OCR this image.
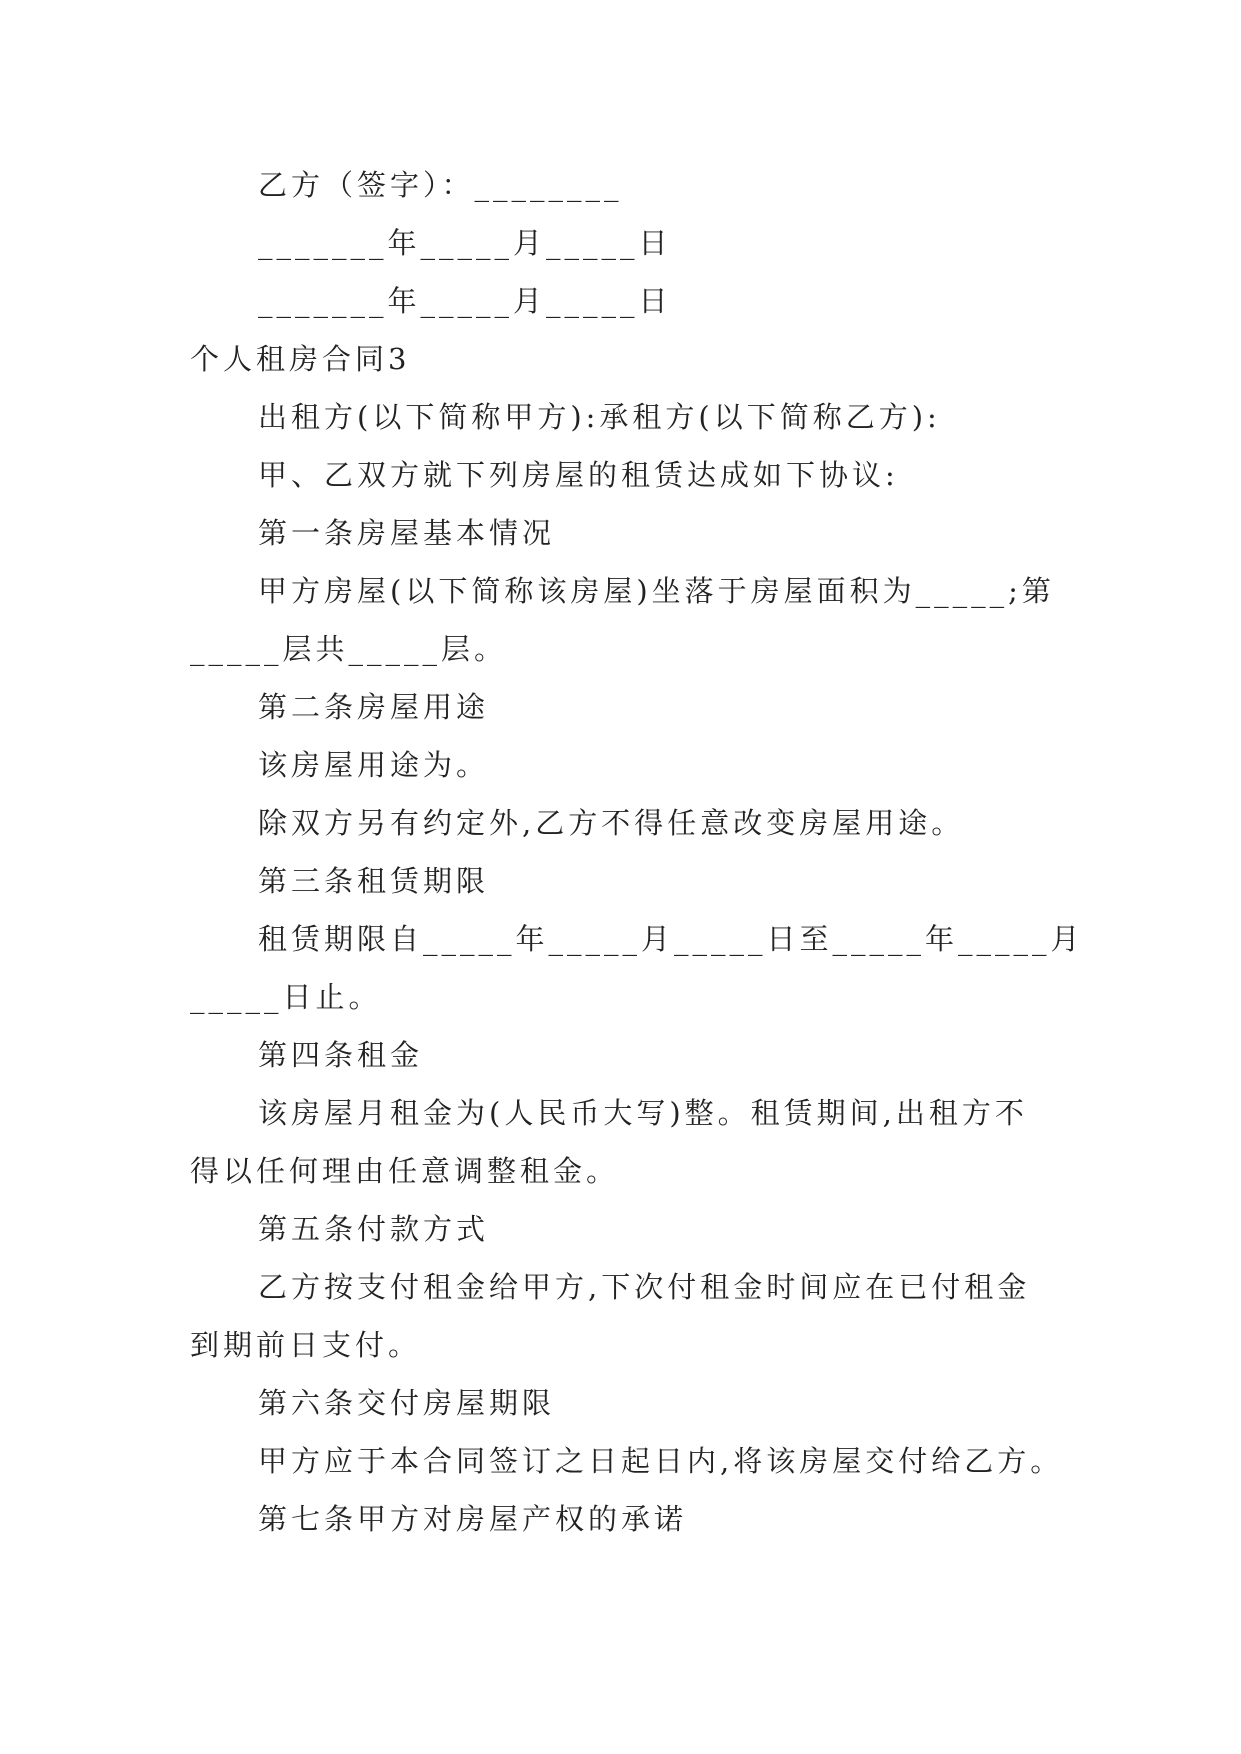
乙方（签字）：________

_______年_____月_____日

_______年_____月_____日

个人租房合同3

出租方(以下简称甲方):承租方(以下简称乙方):

甲、乙双方就下列房屋的租赁达成如下协议:

第一条房屋基本情况

甲方房屋(以下简称该房屋)坐落于房屋面积为_____;第

_____层共_____层。

第二条房屋用途

该房屋用途为。

除双方另有约定外,乙方不得任意改变房屋用途。

第三条租赁期限

租赁期限自_____年_____月_____日至_____年_____月

_____日止。

第四条租金

该房屋月租金为(人民币大写)整。租赁期间,出租方不

得以任何理由任意调整租金。

第五条付款方式

乙方按支付租金给甲方,下次付租金时间应在已付租金

到期前日支付。

第六条交付房屋期限

甲方应于本合同签订之日起日内,将该房屋交付给乙方。

第七条甲方对房屋产权的承诺
